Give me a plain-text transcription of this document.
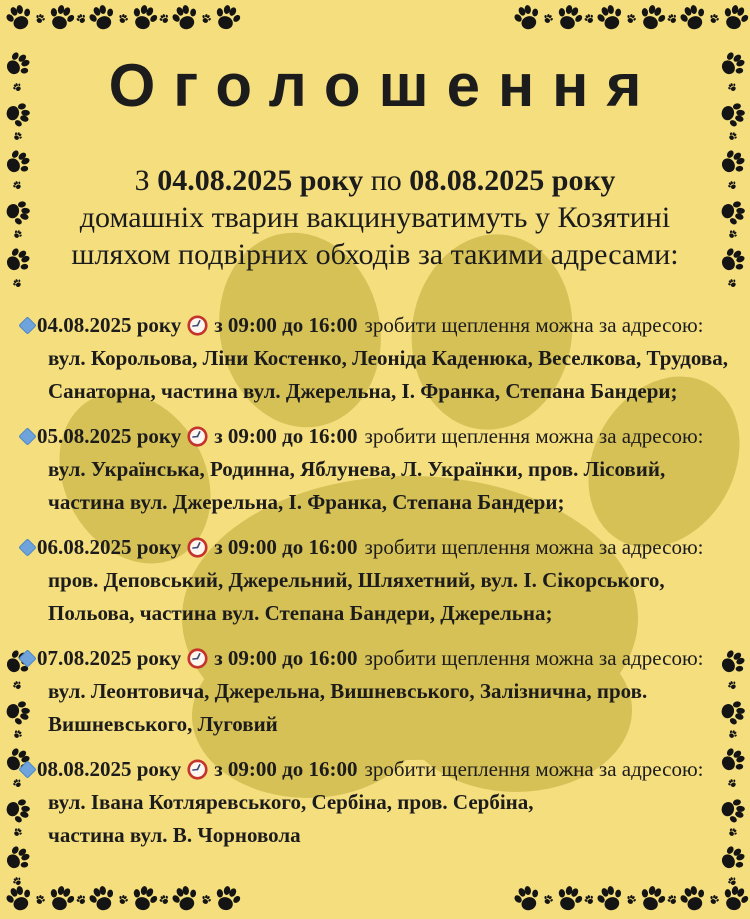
Оголошення
З 04.08.2025 року по 08.08.2025 року
домашніх тварин вакцинуватимуть у Козятині
шляхом подвірних обходів за такими адресами:
04.08.2025 року з 09:00 до 16:00 зробити щеплення можна за адресою:
вул. Корольова, Ліни Костенко, Леоніда Каденюка, Веселкова, Трудова,
Санаторна, частина вул. Джерельна, І. Франка, Степана Бандери;
05.08.2025 року з 09:00 до 16:00 зробити щеплення можна за адресою:
вул. Українська, Родинна, Яблунева, Л. Українки, пров. Лісовий,
частина вул. Джерельна, І. Франка, Степана Бандери;
06.08.2025 року з 09:00 до 16:00 зробити щеплення можна за адресою:
пров. Деповський, Джерельний, Шляхетний, вул. І. Сікорського,
Польова, частина вул. Степана Бандери, Джерельна;
07.08.2025 року з 09:00 до 16:00 зробити щеплення можна за адресою:
вул. Леонтовича, Джерельна, Вишневського, Залізнична, пров.
Вишневського, Луговий
08.08.2025 року з 09:00 до 16:00 зробити щеплення можна за адресою:
вул. Івана Котляревського, Сербіна, пров. Сербіна,
частина вул. В. Чорновола
